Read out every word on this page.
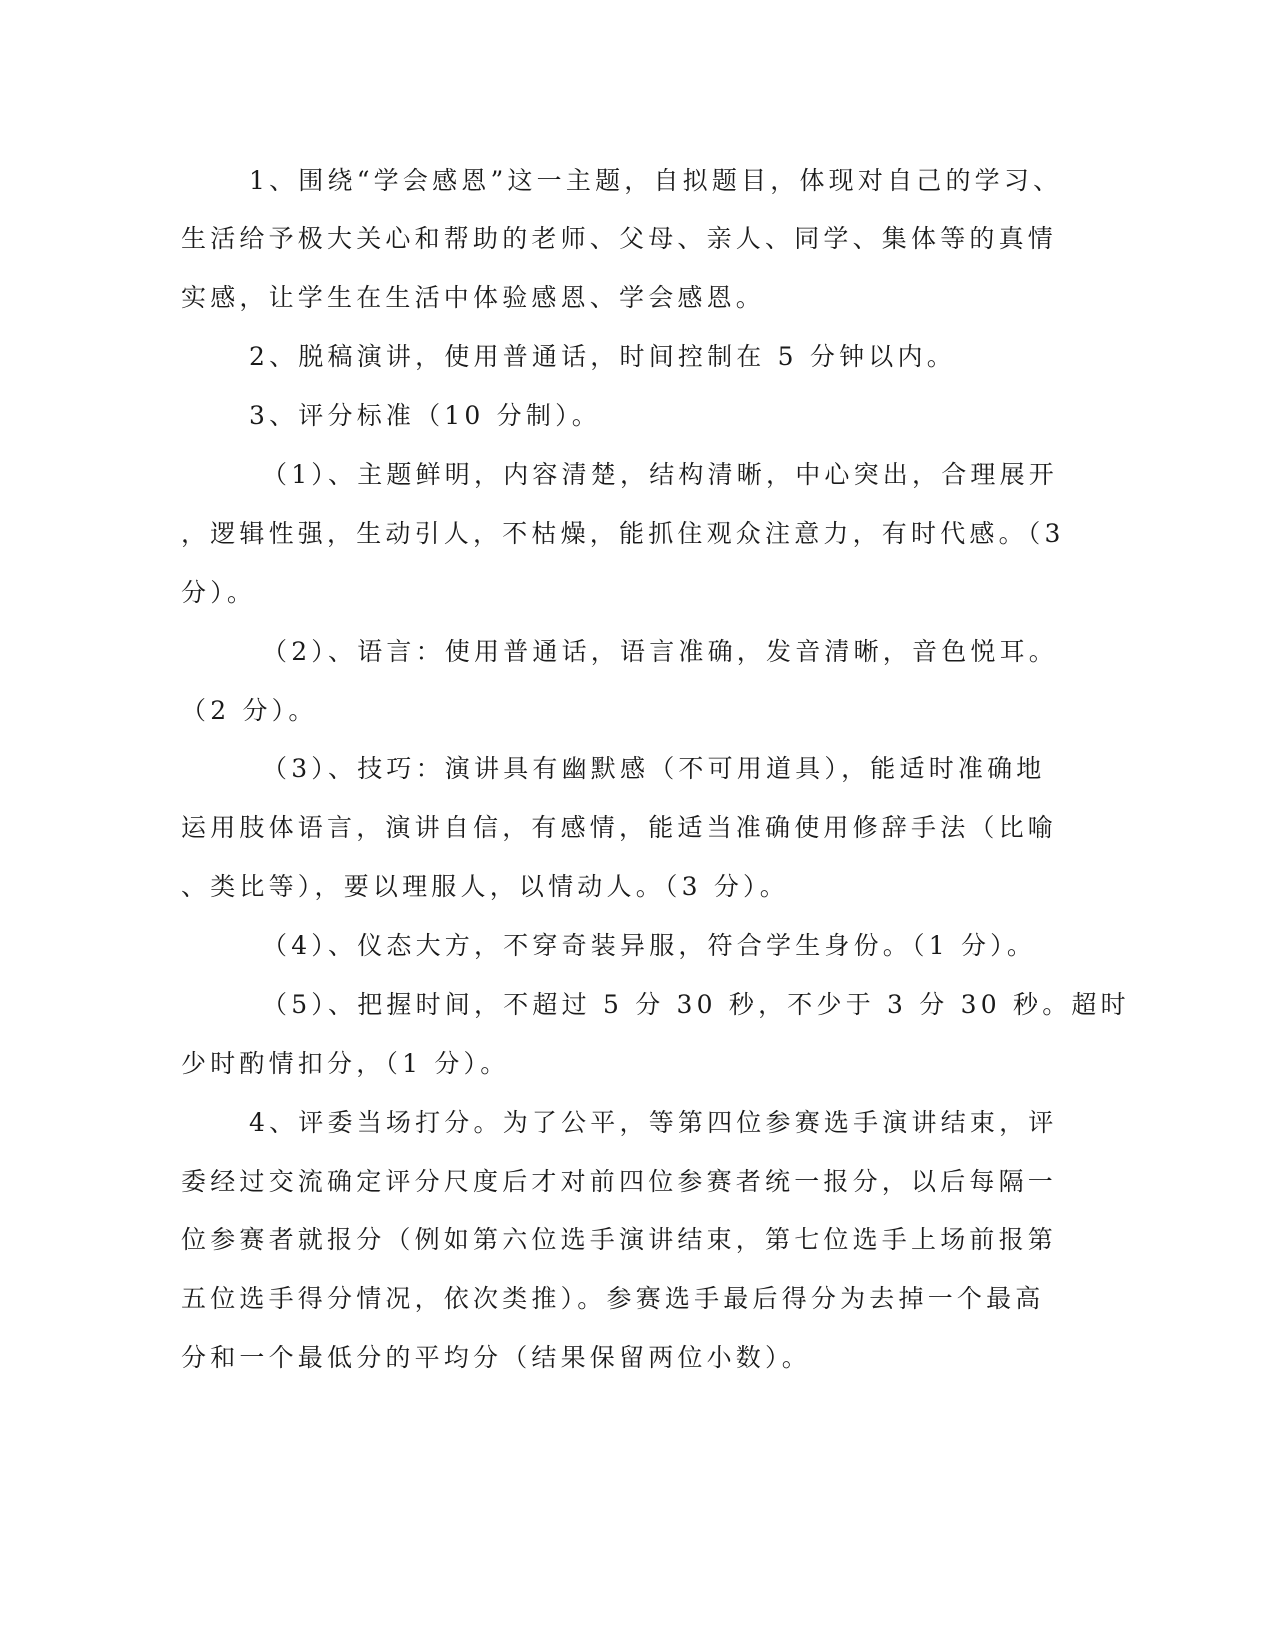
1、围绕“学会感恩”这一主题，自拟题目，体现对自己的学习、

生活给予极大关心和帮助的老师、父母、亲人、同学、集体等的真情

实感，让学生在生活中体验感恩、学会感恩。

2、脱稿演讲，使用普通话，时间控制在 5 分钟以内。

3、评分标准（10 分制）。

（1）、主题鲜明，内容清楚，结构清晰，中心突出，合理展开

，逻辑性强，生动引人，不枯燥，能抓住观众注意力，有时代感。（3

分）。

（2）、语言：使用普通话，语言准确，发音清晰，音色悦耳。

（2 分）。

（3）、技巧：演讲具有幽默感（不可用道具），能适时准确地

运用肢体语言，演讲自信，有感情，能适当准确使用修辞手法（比喻

、类比等），要以理服人，以情动人。（3 分）。

（4）、仪态大方，不穿奇装异服，符合学生身份。（1 分）。

（5）、把握时间，不超过 5 分 30 秒，不少于 3 分 30 秒。超时

少时酌情扣分，（1 分）。

4、评委当场打分。为了公平，等第四位参赛选手演讲结束，评

委经过交流确定评分尺度后才对前四位参赛者统一报分，以后每隔一

位参赛者就报分（例如第六位选手演讲结束，第七位选手上场前报第

五位选手得分情况，依次类推）。参赛选手最后得分为去掉一个最高

分和一个最低分的平均分（结果保留两位小数）。
